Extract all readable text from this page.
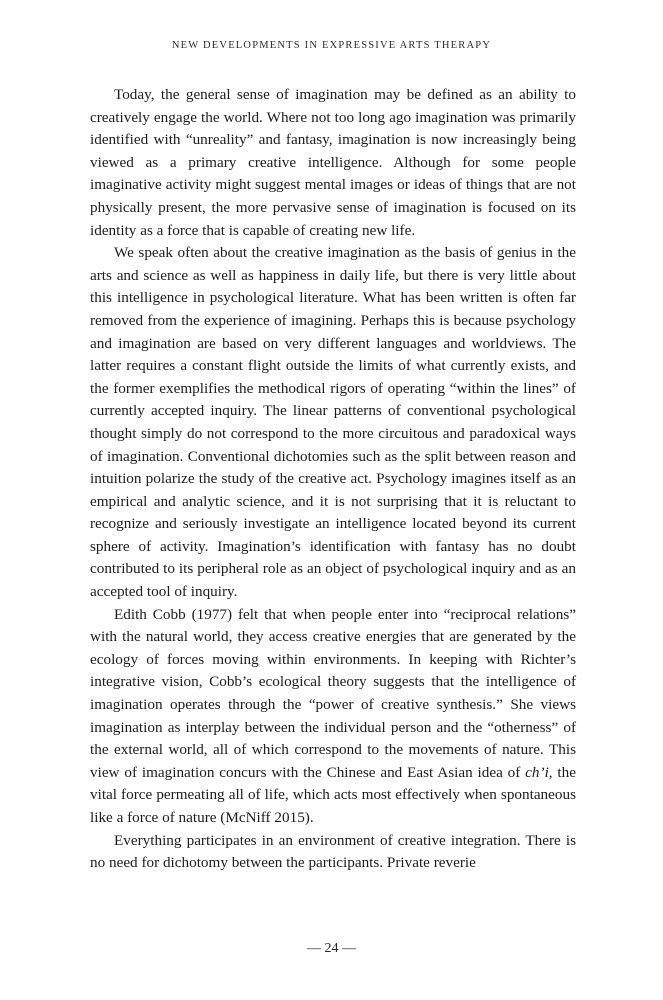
NEW DEVELOPMENTS IN EXPRESSIVE ARTS THERAPY

Today, the general sense of imagination may be defined as an ability to creatively engage the world. Where not too long ago imagination was primarily identified with “unreality” and fantasy, imagination is now increasingly being viewed as a primary creative intelligence. Although for some people imaginative activity might suggest mental images or ideas of things that are not physically present, the more pervasive sense of imagination is focused on its identity as a force that is capable of creating new life.

We speak often about the creative imagination as the basis of genius in the arts and science as well as happiness in daily life, but there is very little about this intelligence in psychological literature. What has been written is often far removed from the experience of imagining. Perhaps this is because psychology and imagination are based on very different languages and worldviews. The latter requires a constant flight outside the limits of what currently exists, and the former exemplifies the methodical rigors of operating “within the lines” of currently accepted inquiry. The linear patterns of conventional psychological thought simply do not correspond to the more circuitous and paradoxical ways of imagination. Conventional dichotomies such as the split between reason and intuition polarize the study of the creative act. Psychology imagines itself as an empirical and analytic science, and it is not surprising that it is reluctant to recognize and seriously investigate an intelligence located beyond its current sphere of activity. Imagination’s identification with fantasy has no doubt contributed to its peripheral role as an object of psychological inquiry and as an accepted tool of inquiry.

Edith Cobb (1977) felt that when people enter into “reciprocal relations” with the natural world, they access creative energies that are generated by the ecology of forces moving within environments. In keeping with Richter’s integrative vision, Cobb’s ecological theory suggests that the intelligence of imagination operates through the “power of creative synthesis.” She views imagination as interplay between the individual person and the “otherness” of the external world, all of which correspond to the movements of nature. This view of imagination concurs with the Chinese and East Asian idea of ch’i, the vital force permeating all of life, which acts most effectively when spontaneous like a force of nature (McNiff 2015).

Everything participates in an environment of creative integration. There is no need for dichotomy between the participants. Private reverie

— 24 —
